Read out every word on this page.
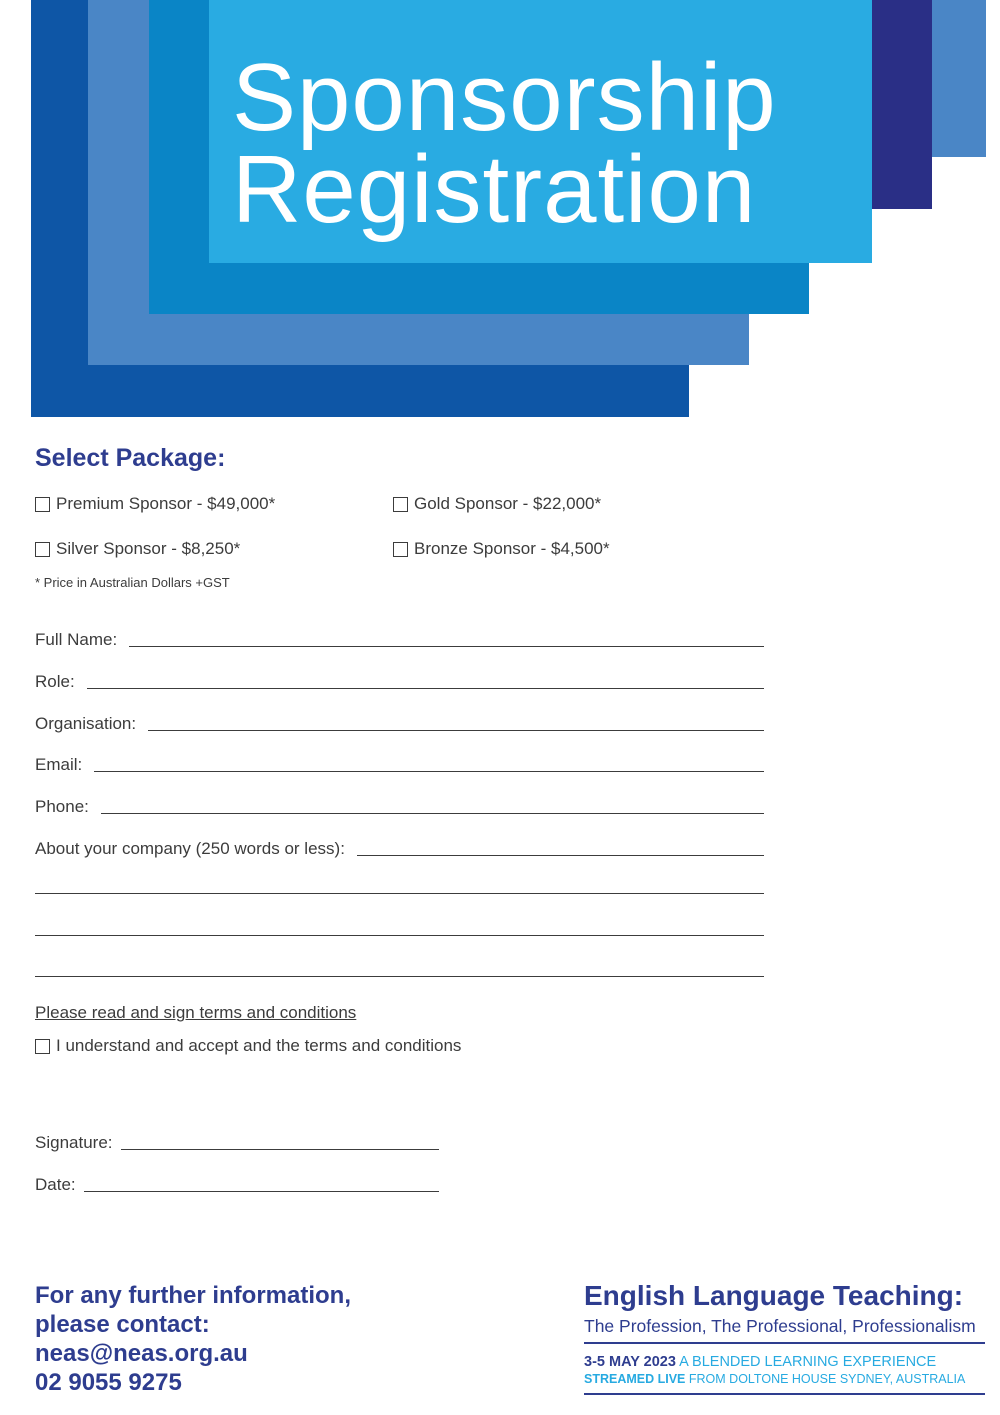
Sponsorship
Registration
Select Package:
Premium Sponsor - $49,000*	Gold Sponsor - $22,000*
Silver Sponsor - $8,250*	Bronze Sponsor - $4,500*
* Price in Australian Dollars +GST
Full Name:
Role:
Organisation:
Email:
Phone:
About your company (250 words or less):
Please read and sign terms and conditions
I understand and accept and the terms and conditions
Signature:
Date:
For any further information,
please contact:
neas@neas.org.au
02 9055 9275
English Language Teaching:
The Profession, The Professional, Professionalism
3-5 MAY 2023 A BLENDED LEARNING EXPERIENCE
STREAMED LIVE FROM DOLTONE HOUSE SYDNEY, AUSTRALIA
